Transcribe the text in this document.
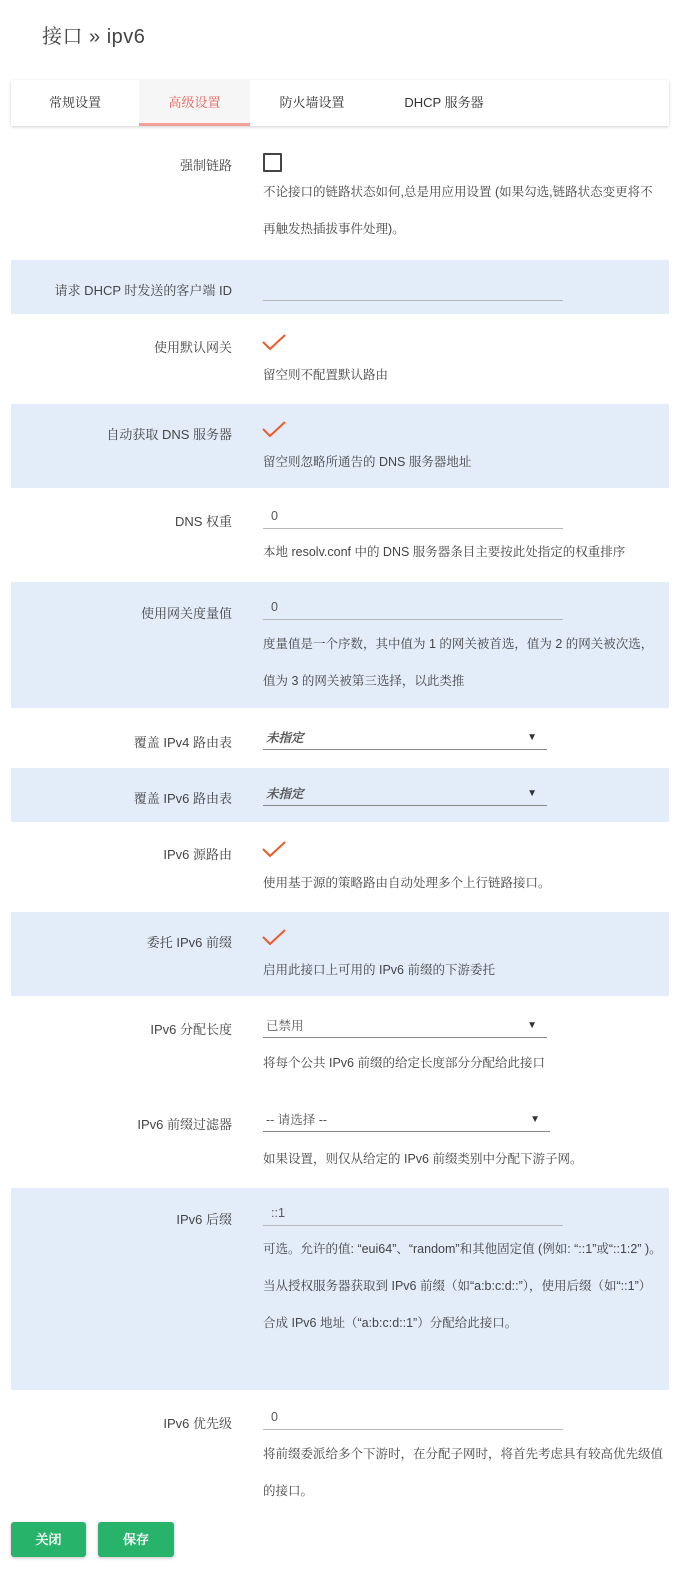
接口 » ipv6
常规设置	高级设置	防火墙设置	DHCP 服务器
强制链路
不论接口的链路状态如何,总是用应用设置 (如果勾选,链路状态变更将不再触发热插拔事件处理)。
请求 DHCP 时发送的客户端 ID
使用默认网关
留空则不配置默认路由
自动获取 DNS 服务器
留空则忽略所通告的 DNS 服务器地址
DNS 权重	0
本地 resolv.conf 中的 DNS 服务器条目主要按此处指定的权重排序
使用网关度量值	0
度量值是一个序数，其中值为 1 的网关被首选，值为 2 的网关被次选，值为 3 的网关被第三选择，以此类推
覆盖 IPv4 路由表	未指定	▼
覆盖 IPv6 路由表	未指定	▼
IPv6 源路由
使用基于源的策略路由自动处理多个上行链路接口。
委托 IPv6 前缀
启用此接口上可用的 IPv6 前缀的下游委托
IPv6 分配长度	已禁用	▼
将每个公共 IPv6 前缀的给定长度部分分配给此接口
IPv6 前缀过滤器	-- 请选择 --	▼
如果设置，则仅从给定的 IPv6 前缀类别中分配下游子网。
IPv6 后缀	::1
可选。允许的值: “eui64”、“random”和其他固定值 (例如: “::1”或“::1:2” )。当从授权服务器获取到 IPv6 前缀（如“a:b:c:d::”），使用后缀（如“::1”）合成 IPv6 地址（“a:b:c:d::1”）分配给此接口。
IPv6 优先级	0
将前缀委派给多个下游时，在分配子网时，将首先考虑具有较高优先级值的接口。
关闭	保存
